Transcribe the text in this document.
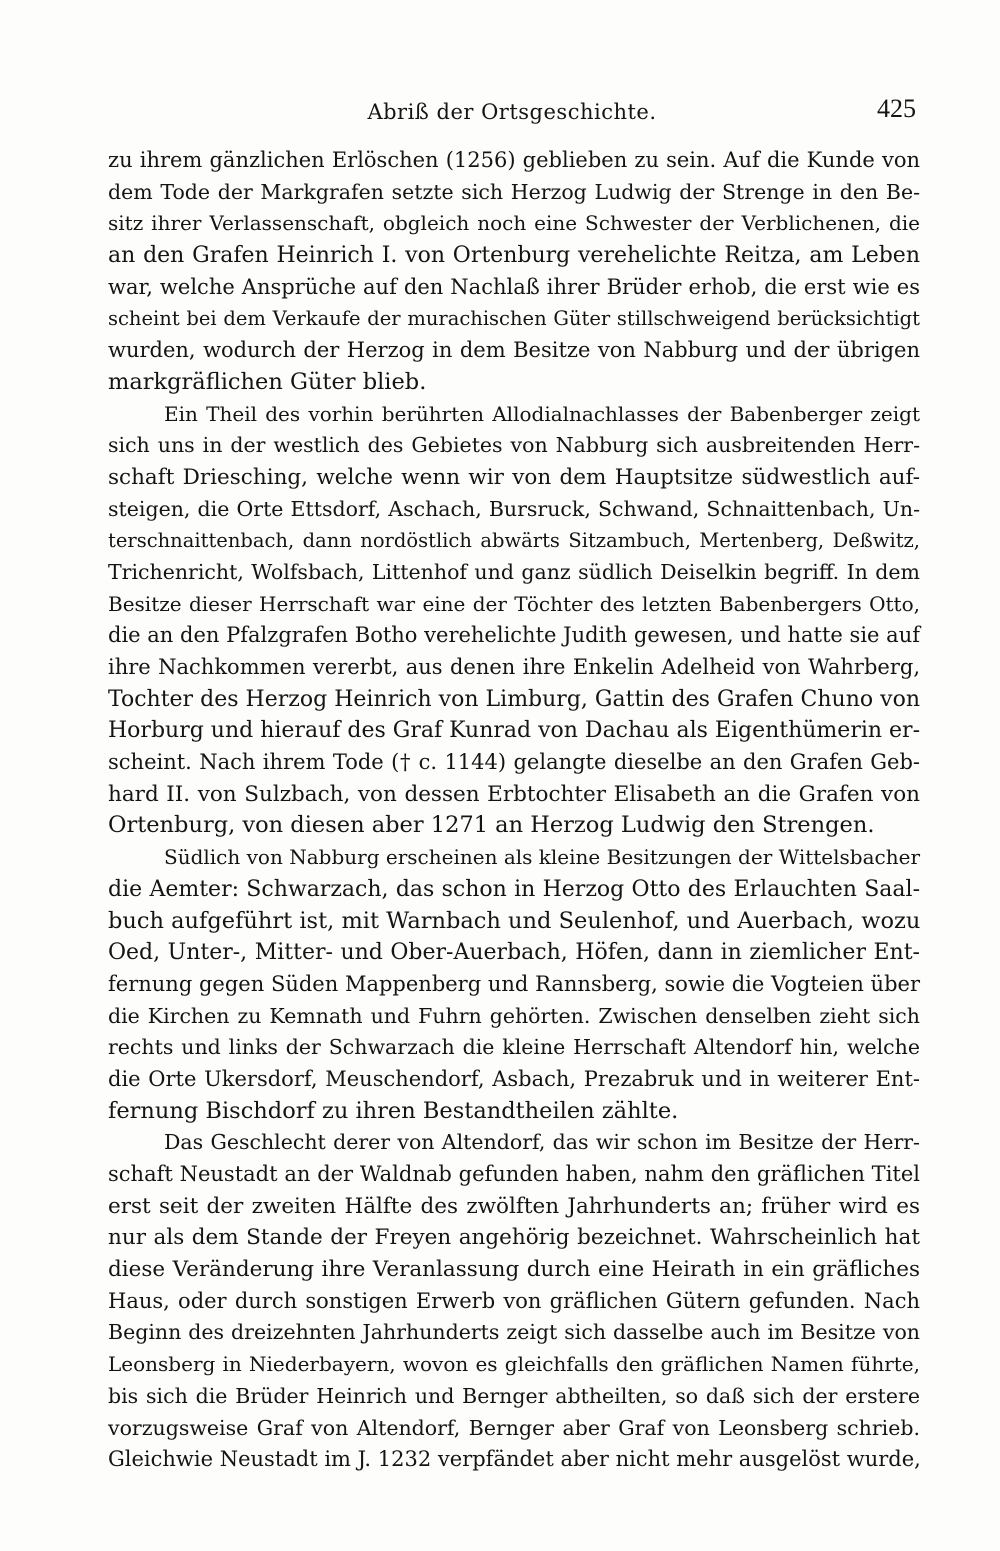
Abriß der Ortsgeschichte.	425
zu ihrem gänzlichen Erlöschen (1256) geblieben zu sein. Auf die Kunde von
dem Tode der Markgrafen setzte sich Herzog Ludwig der Strenge in den Be-
sitz ihrer Verlassenschaft, obgleich noch eine Schwester der Verblichenen, die
an den Grafen Heinrich I. von Ortenburg verehelichte Reitza, am Leben
war, welche Ansprüche auf den Nachlaß ihrer Brüder erhob, die erst wie es
scheint bei dem Verkaufe der murachischen Güter stillschweigend berücksichtigt
wurden, wodurch der Herzog in dem Besitze von Nabburg und der übrigen
markgräflichen Güter blieb.
Ein Theil des vorhin berührten Allodialnachlasses der Babenberger zeigt
sich uns in der westlich des Gebietes von Nabburg sich ausbreitenden Herr-
schaft Driesching, welche wenn wir von dem Hauptsitze südwestlich auf-
steigen, die Orte Ettsdorf, Aschach, Bursruck, Schwand, Schnaittenbach, Un-
terschnaittenbach, dann nordöstlich abwärts Sitzambuch, Mertenberg, Deßwitz,
Trichenricht, Wolfsbach, Littenhof und ganz südlich Deiselkin begriff. In dem
Besitze dieser Herrschaft war eine der Töchter des letzten Babenbergers Otto,
die an den Pfalzgrafen Botho verehelichte Judith gewesen, und hatte sie auf
ihre Nachkommen vererbt, aus denen ihre Enkelin Adelheid von Wahrberg,
Tochter des Herzog Heinrich von Limburg, Gattin des Grafen Chuno von
Horburg und hierauf des Graf Kunrad von Dachau als Eigenthümerin er-
scheint. Nach ihrem Tode († c. 1144) gelangte dieselbe an den Grafen Geb-
hard II. von Sulzbach, von dessen Erbtochter Elisabeth an die Grafen von
Ortenburg, von diesen aber 1271 an Herzog Ludwig den Strengen.
Südlich von Nabburg erscheinen als kleine Besitzungen der Wittelsbacher
die Aemter: Schwarzach, das schon in Herzog Otto des Erlauchten Saal-
buch aufgeführt ist, mit Warnbach und Seulenhof, und Auerbach, wozu
Oed, Unter-, Mitter- und Ober-Auerbach, Höfen, dann in ziemlicher Ent-
fernung gegen Süden Mappenberg und Rannsberg, sowie die Vogteien über
die Kirchen zu Kemnath und Fuhrn gehörten. Zwischen denselben zieht sich
rechts und links der Schwarzach die kleine Herrschaft Altendorf hin, welche
die Orte Ukersdorf, Meuschendorf, Asbach, Prezabruk und in weiterer Ent-
fernung Bischdorf zu ihren Bestandtheilen zählte.
Das Geschlecht derer von Altendorf, das wir schon im Besitze der Herr-
schaft Neustadt an der Waldnab gefunden haben, nahm den gräflichen Titel
erst seit der zweiten Hälfte des zwölften Jahrhunderts an; früher wird es
nur als dem Stande der Freyen angehörig bezeichnet. Wahrscheinlich hat
diese Veränderung ihre Veranlassung durch eine Heirath in ein gräfliches
Haus, oder durch sonstigen Erwerb von gräflichen Gütern gefunden. Nach
Beginn des dreizehnten Jahrhunderts zeigt sich dasselbe auch im Besitze von
Leonsberg in Niederbayern, wovon es gleichfalls den gräflichen Namen führte,
bis sich die Brüder Heinrich und Bernger abtheilten, so daß sich der erstere
vorzugsweise Graf von Altendorf, Bernger aber Graf von Leonsberg schrieb.
Gleichwie Neustadt im J. 1232 verpfändet aber nicht mehr ausgelöst wurde,
